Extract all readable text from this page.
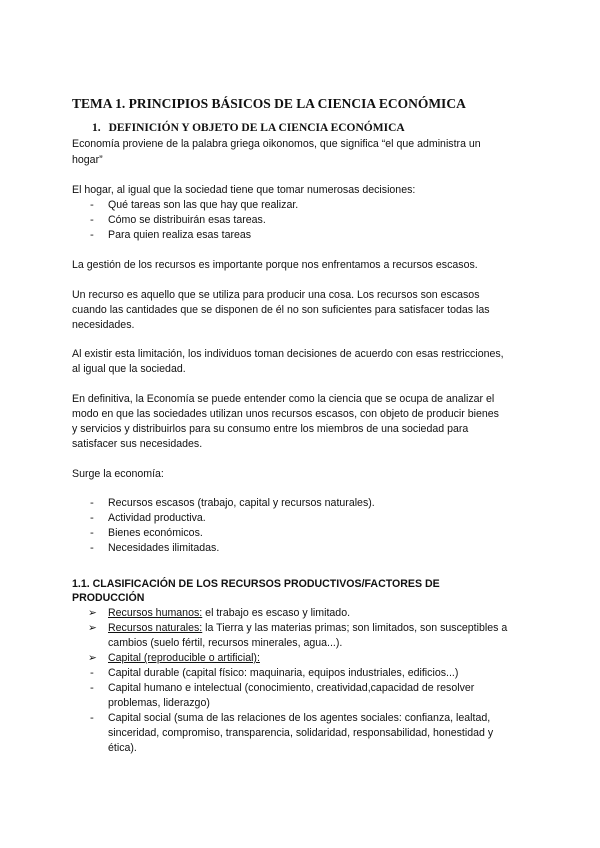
TEMA 1. PRINCIPIOS BÁSICOS DE LA CIENCIA ECONÓMICA
1. DEFINICIÓN Y OBJETO DE LA CIENCIA ECONÓMICA
Economía proviene de la palabra griega oikonomos, que significa “el que administra un
hogar”
El hogar, al igual que la sociedad tiene que tomar numerosas decisiones:
- Qué tareas son las que hay que realizar.
- Cómo se distribuirán esas tareas.
- Para quien realiza esas tareas
La gestión de los recursos es importante porque nos enfrentamos a recursos escasos.
Un recurso es aquello que se utiliza para producir una cosa. Los recursos son escasos
cuando las cantidades que se disponen de él no son suficientes para satisfacer todas las
necesidades.
Al existir esta limitación, los individuos toman decisiones de acuerdo con esas restricciones,
al igual que la sociedad.
En definitiva, la Economía se puede entender como la ciencia que se ocupa de analizar el
modo en que las sociedades utilizan unos recursos escasos, con objeto de producir bienes
y servicios y distribuirlos para su consumo entre los miembros de una sociedad para
satisfacer sus necesidades.
Surge la economía:
- Recursos escasos (trabajo, capital y recursos naturales).
- Actividad productiva.
- Bienes económicos.
- Necesidades ilimitadas.
1.1. CLASIFICACIÓN DE LOS RECURSOS PRODUCTIVOS/FACTORES DE
PRODUCCIÓN
➢ Recursos humanos: el trabajo es escaso y limitado.
➢ Recursos naturales: la Tierra y las materias primas; son limitados, son susceptibles a
cambios (suelo fértil, recursos minerales, agua...).
➢ Capital (reproducible o artificial):
- Capital durable (capital físico: maquinaria, equipos industriales, edificios...)
- Capital humano e intelectual (conocimiento, creatividad,capacidad de resolver
problemas, liderazgo)
- Capital social (suma de las relaciones de los agentes sociales: confianza, lealtad,
sinceridad, compromiso, transparencia, solidaridad, responsabilidad, honestidad y
ética).
